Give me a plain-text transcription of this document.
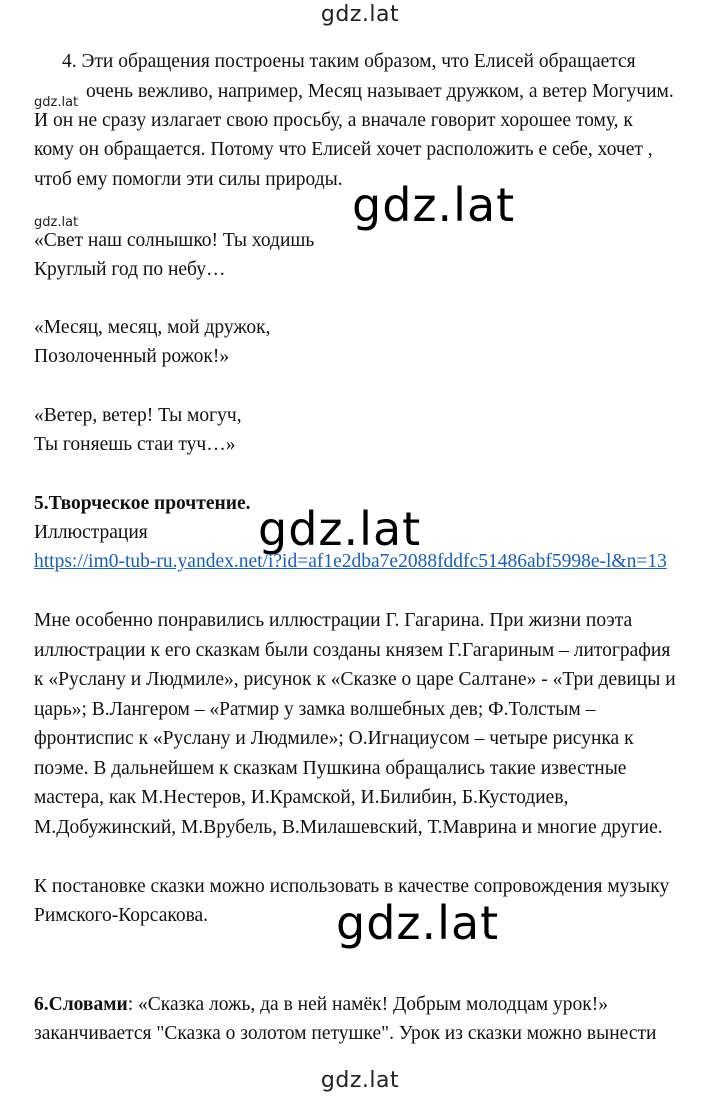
gdz.lat
gdz.lat
gdz.lat	gdz.lat
gdz.lat
gdz.lat
gdz.lat
4. Эти обращения построены таким образом, что Елисей обращается
очень вежливо, например, Месяц называет дружком, а ветер Могучим.
И он не сразу излагает свою просьбу, а вначале говорит хорошее тому, к
кому он обращается. Потому что Елисей хочет расположить е себе, хочет ,
чтоб ему помогли эти силы природы.
«Свет наш солнышко! Ты ходишь
Круглый год по небу…
«Месяц, месяц, мой дружок,
Позолоченный рожок!»
«Ветер, ветер! Ты могуч,
Ты гоняешь стаи туч…»
5.Творческое прочтение.
Иллюстрация
https://im0-tub-ru.yandex.net/i?id=af1e2dba7e2088fddfc51486abf5998e-l&n=13
Мне особенно понравились иллюстрации Г. Гагарина. При жизни поэта
иллюстрации к его сказкам были созданы князем Г.Гагариным – литография
к «Руслану и Людмиле», рисунок к «Сказке о царе Салтане» - «Три девицы и
царь»; В.Лангером – «Ратмир у замка волшебных дев; Ф.Толстым –
фронтиспис к «Руслану и Людмиле»; О.Игнациусом – четыре рисунка к
поэме. В дальнейшем к сказкам Пушкина обращались такие известные
мастера, как М.Нестеров, И.Крамской, И.Билибин, Б.Кустодиев,
М.Добужинский, М.Врубель, В.Милашевский, Т.Маврина и многие другие.
К постановке сказки можно использовать в качестве сопровождения музыку
Римского-Корсакова.
6.Словами: «Сказка ложь, да в ней намёк! Добрым молодцам урок!»
заканчивается "Сказка о золотом петушке". Урок из сказки можно вынести
